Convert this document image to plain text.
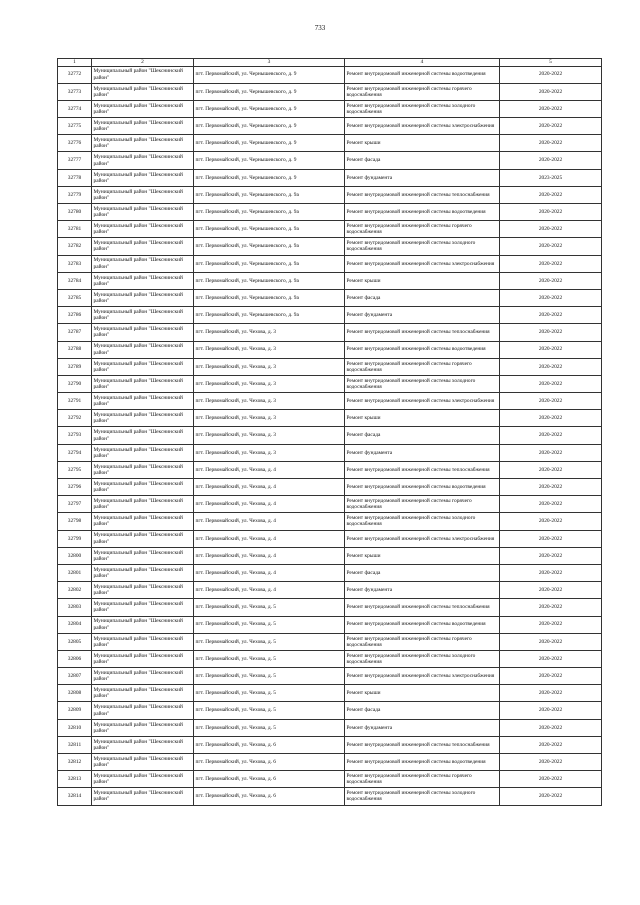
733
1	2	3	4	5
32772	Муниципальный район "Шекснинский район"	пгт. Первомайский, ул. Чернышевского, д. 9	Ремонт внутридомовой инженерной системы водоотведения	2020-2022
32773	Муниципальный район "Шекснинский район"	пгт. Первомайский, ул. Чернышевского, д. 9	Ремонт внутридомовой инженерной системы горячего водоснабжения	2020-2022
32774	Муниципальный район "Шекснинский район"	пгт. Первомайский, ул. Чернышевского, д. 9	Ремонт внутридомовой инженерной системы холодного водоснабжения	2020-2022
32775	Муниципальный район "Шекснинский район"	пгт. Первомайский, ул. Чернышевского, д. 9	Ремонт внутридомовой инженерной системы электроснабжения	2020-2022
32776	Муниципальный район "Шекснинский район"	пгт. Первомайский, ул. Чернышевского, д. 9	Ремонт крыши	2020-2022
32777	Муниципальный район "Шекснинский район"	пгт. Первомайский, ул. Чернышевского, д. 9	Ремонт фасада	2020-2022
32778	Муниципальный район "Шекснинский район"	пгт. Первомайский, ул. Чернышевского, д. 9	Ремонт фундамента	2023-2025
32779	Муниципальный район "Шекснинский район"	пгт. Первомайский, ул. Чернышевского, д. 9а	Ремонт внутридомовой инженерной системы теплоснабжения	2020-2022
32780	Муниципальный район "Шекснинский район"	пгт. Первомайский, ул. Чернышевского, д. 9а	Ремонт внутридомовой инженерной системы водоотведения	2020-2022
32781	Муниципальный район "Шекснинский район"	пгт. Первомайский, ул. Чернышевского, д. 9а	Ремонт внутридомовой инженерной системы горячего водоснабжения	2020-2022
32782	Муниципальный район "Шекснинский район"	пгт. Первомайский, ул. Чернышевского, д. 9а	Ремонт внутридомовой инженерной системы холодного водоснабжения	2020-2022
32783	Муниципальный район "Шекснинский район"	пгт. Первомайский, ул. Чернышевского, д. 9а	Ремонт внутридомовой инженерной системы электроснабжения	2020-2022
32784	Муниципальный район "Шекснинский район"	пгт. Первомайский, ул. Чернышевского, д. 9а	Ремонт крыши	2020-2022
32785	Муниципальный район "Шекснинский район"	пгт. Первомайский, ул. Чернышевского, д. 9а	Ремонт фасада	2020-2022
32786	Муниципальный район "Шекснинский район"	пгт. Первомайский, ул. Чернышевского, д. 9а	Ремонт фундамента	2020-2022
32787	Муниципальный район "Шекснинский район"	пгт. Первомайский, ул. Чехова, д. 3	Ремонт внутридомовой инженерной системы теплоснабжения	2020-2022
32788	Муниципальный район "Шекснинский район"	пгт. Первомайский, ул. Чехова, д. 3	Ремонт внутридомовой инженерной системы водоотведения	2020-2022
32789	Муниципальный район "Шекснинский район"	пгт. Первомайский, ул. Чехова, д. 3	Ремонт внутридомовой инженерной системы горячего водоснабжения	2020-2022
32790	Муниципальный район "Шекснинский район"	пгт. Первомайский, ул. Чехова, д. 3	Ремонт внутридомовой инженерной системы холодного водоснабжения	2020-2022
32791	Муниципальный район "Шекснинский район"	пгт. Первомайский, ул. Чехова, д. 3	Ремонт внутридомовой инженерной системы электроснабжения	2020-2022
32792	Муниципальный район "Шекснинский район"	пгт. Первомайский, ул. Чехова, д. 3	Ремонт крыши	2020-2022
32793	Муниципальный район "Шекснинский район"	пгт. Первомайский, ул. Чехова, д. 3	Ремонт фасада	2020-2022
32794	Муниципальный район "Шекснинский район"	пгт. Первомайский, ул. Чехова, д. 3	Ремонт фундамента	2020-2022
32795	Муниципальный район "Шекснинский район"	пгт. Первомайский, ул. Чехова, д. 4	Ремонт внутридомовой инженерной системы теплоснабжения	2020-2022
32796	Муниципальный район "Шекснинский район"	пгт. Первомайский, ул. Чехова, д. 4	Ремонт внутридомовой инженерной системы водоотведения	2020-2022
32797	Муниципальный район "Шекснинский район"	пгт. Первомайский, ул. Чехова, д. 4	Ремонт внутридомовой инженерной системы горячего водоснабжения	2020-2022
32798	Муниципальный район "Шекснинский район"	пгт. Первомайский, ул. Чехова, д. 4	Ремонт внутридомовой инженерной системы холодного водоснабжения	2020-2022
32799	Муниципальный район "Шекснинский район"	пгт. Первомайский, ул. Чехова, д. 4	Ремонт внутридомовой инженерной системы электроснабжения	2020-2022
32800	Муниципальный район "Шекснинский район"	пгт. Первомайский, ул. Чехова, д. 4	Ремонт крыши	2020-2022
32801	Муниципальный район "Шекснинский район"	пгт. Первомайский, ул. Чехова, д. 4	Ремонт фасада	2020-2022
32802	Муниципальный район "Шекснинский район"	пгт. Первомайский, ул. Чехова, д. 4	Ремонт фундамента	2020-2022
32803	Муниципальный район "Шекснинский район"	пгт. Первомайский, ул. Чехова, д. 5	Ремонт внутридомовой инженерной системы теплоснабжения	2020-2022
32804	Муниципальный район "Шекснинский район"	пгт. Первомайский, ул. Чехова, д. 5	Ремонт внутридомовой инженерной системы водоотведения	2020-2022
32805	Муниципальный район "Шекснинский район"	пгт. Первомайский, ул. Чехова, д. 5	Ремонт внутридомовой инженерной системы горячего водоснабжения	2020-2022
32806	Муниципальный район "Шекснинский район"	пгт. Первомайский, ул. Чехова, д. 5	Ремонт внутридомовой инженерной системы холодного водоснабжения	2020-2022
32807	Муниципальный район "Шекснинский район"	пгт. Первомайский, ул. Чехова, д. 5	Ремонт внутридомовой инженерной системы электроснабжения	2020-2022
32808	Муниципальный район "Шекснинский район"	пгт. Первомайский, ул. Чехова, д. 5	Ремонт крыши	2020-2022
32809	Муниципальный район "Шекснинский район"	пгт. Первомайский, ул. Чехова, д. 5	Ремонт фасада	2020-2022
32810	Муниципальный район "Шекснинский район"	пгт. Первомайский, ул. Чехова, д. 5	Ремонт фундамента	2020-2022
32811	Муниципальный район "Шекснинский район"	пгт. Первомайский, ул. Чехова, д. 6	Ремонт внутридомовой инженерной системы теплоснабжения	2020-2022
32812	Муниципальный район "Шекснинский район"	пгт. Первомайский, ул. Чехова, д. 6	Ремонт внутридомовой инженерной системы водоотведения	2020-2022
32813	Муниципальный район "Шекснинский район"	пгт. Первомайский, ул. Чехова, д. 6	Ремонт внутридомовой инженерной системы горячего водоснабжения	2020-2022
32814	Муниципальный район "Шекснинский район"	пгт. Первомайский, ул. Чехова, д. 6	Ремонт внутридомовой инженерной системы холодного водоснабжения	2020-2022
